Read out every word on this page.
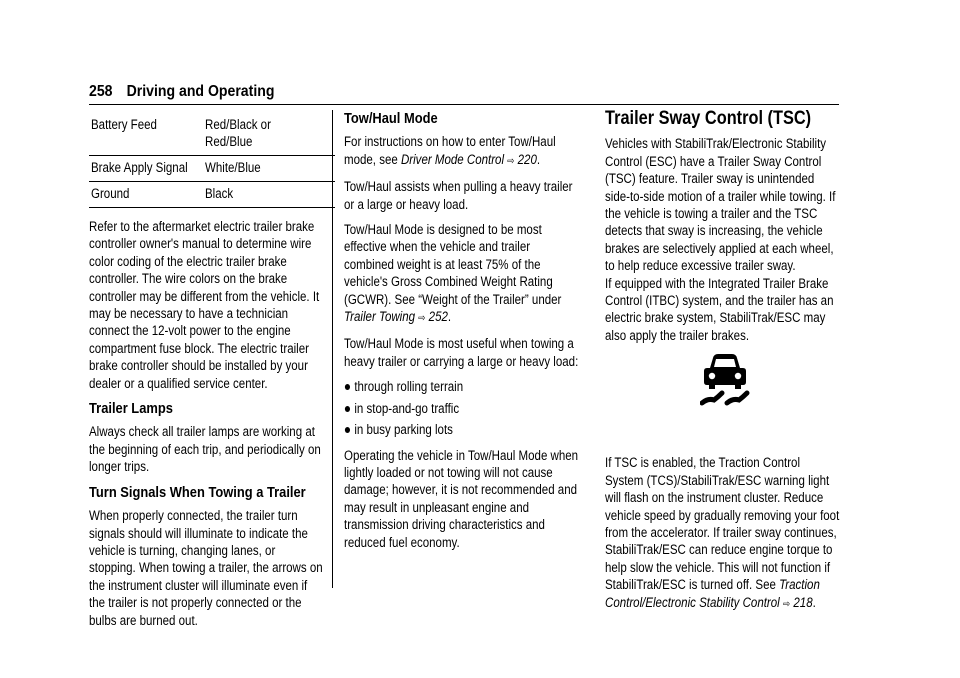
258 Driving and Operating
Battery Feed	Red/Black or Red/Blue

Brake Apply Signal	White/Blue

Ground	Black

Refer to the aftermarket electric trailer brake controller owner's manual to determine wire color coding of the electric trailer brake controller. The wire colors on the brake controller may be different from the vehicle. It may be necessary to have a technician connect the 12-volt power to the engine compartment fuse block. The electric trailer brake controller should be installed by your dealer or a qualified service center.

Trailer Lamps

Always check all trailer lamps are working at the beginning of each trip, and periodically on longer trips.

Turn Signals When Towing a Trailer

When properly connected, the trailer turn signals should will illuminate to indicate the vehicle is turning, changing lanes, or stopping. When towing a trailer, the arrows on the instrument cluster will illuminate even if the trailer is not properly connected or the bulbs are burned out.

Tow/Haul Mode

For instructions on how to enter Tow/Haul mode, see Driver Mode Control ⇨ 220.

Tow/Haul assists when pulling a heavy trailer or a large or heavy load.

Tow/Haul Mode is designed to be most effective when the vehicle and trailer combined weight is at least 75% of the vehicle's Gross Combined Weight Rating (GCWR). See “Weight of the Trailer” under Trailer Towing ⇨ 252.

Tow/Haul Mode is most useful when towing a heavy trailer or carrying a large or heavy load:

through rolling terrain
in stop-and-go traffic
in busy parking lots

Operating the vehicle in Tow/Haul Mode when lightly loaded or not towing will not cause damage; however, it is not recommended and may result in unpleasant engine and transmission driving characteristics and reduced fuel economy.

Trailer Sway Control (TSC)

Vehicles with StabiliTrak/Electronic Stability Control (ESC) have a Trailer Sway Control (TSC) feature. Trailer sway is unintended side-to-side motion of a trailer while towing. If the vehicle is towing a trailer and the TSC detects that sway is increasing, the vehicle brakes are selectively applied at each wheel, to help reduce excessive trailer sway.

If equipped with the Integrated Trailer Brake Control (ITBC) system, and the trailer has an electric brake system, StabiliTrak/ESC may also apply the trailer brakes.

If TSC is enabled, the Traction Control System (TCS)/StabiliTrak/ESC warning light will flash on the instrument cluster. Reduce vehicle speed by gradually removing your foot from the accelerator. If trailer sway continues, StabiliTrak/ESC can reduce engine torque to help slow the vehicle. This will not function if StabiliTrak/ESC is turned off. See Traction Control/Electronic Stability Control ⇨ 218.
